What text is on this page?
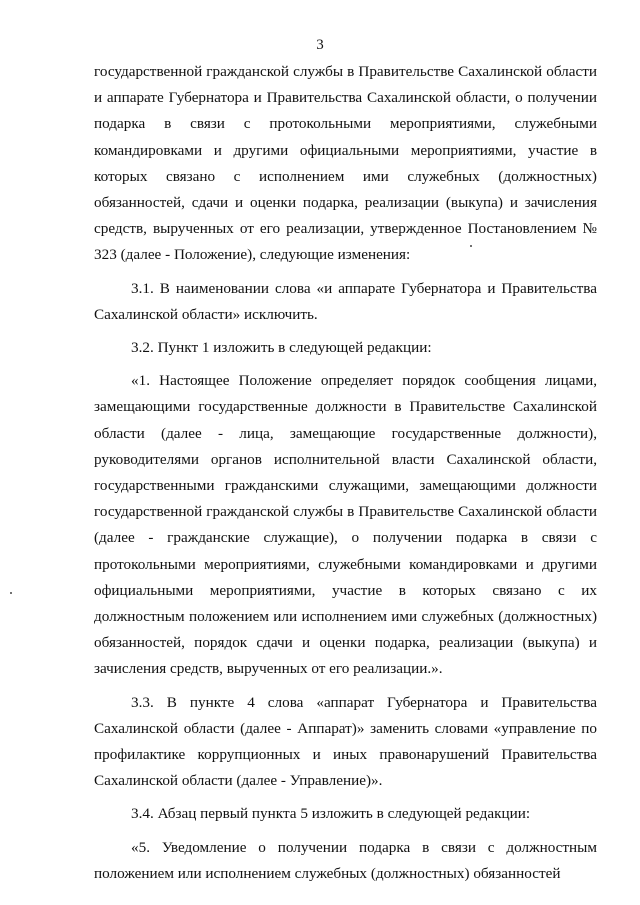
3

государственной гражданской службы в Правительстве Сахалинской области и аппарате Губернатора и Правительства Сахалинской области, о получении подарка в связи с протокольными мероприятиями, служебными командировками и другими официальными мероприятиями, участие в которых связано с исполнением ими служебных (должностных) обязанностей, сдачи и оценки подарка, реализации (выкупа) и зачисления средств, вырученных от его реализации, утвержденное Постановлением № 323 (далее - Положение), следующие изменения:

3.1. В наименовании слова «и аппарате Губернатора и Правительства Сахалинской области» исключить.

3.2. Пункт 1 изложить в следующей редакции:

«1. Настоящее Положение определяет порядок сообщения лицами, замещающими государственные должности в Правительстве Сахалинской области (далее - лица, замещающие государственные должности), руководителями органов исполнительной власти Сахалинской области, государственными гражданскими служащими, замещающими должности государственной гражданской службы в Правительстве Сахалинской области (далее - гражданские служащие), о получении подарка в связи с протокольными мероприятиями, служебными командировками и другими официальными мероприятиями, участие в которых связано с их должностным положением или исполнением ими служебных (должностных) обязанностей, порядок сдачи и оценки подарка, реализации (выкупа) и зачисления средств, вырученных от его реализации.».

3.3. В пункте 4 слова «аппарат Губернатора и Правительства Сахалинской области (далее - Аппарат)» заменить словами «управление по профилактике коррупционных и иных правонарушений Правительства Сахалинской области (далее - Управление)».

3.4. Абзац первый пункта 5 изложить в следующей редакции:

«5. Уведомление о получении подарка в связи с должностным положением или исполнением служебных (должностных) обязанностей
